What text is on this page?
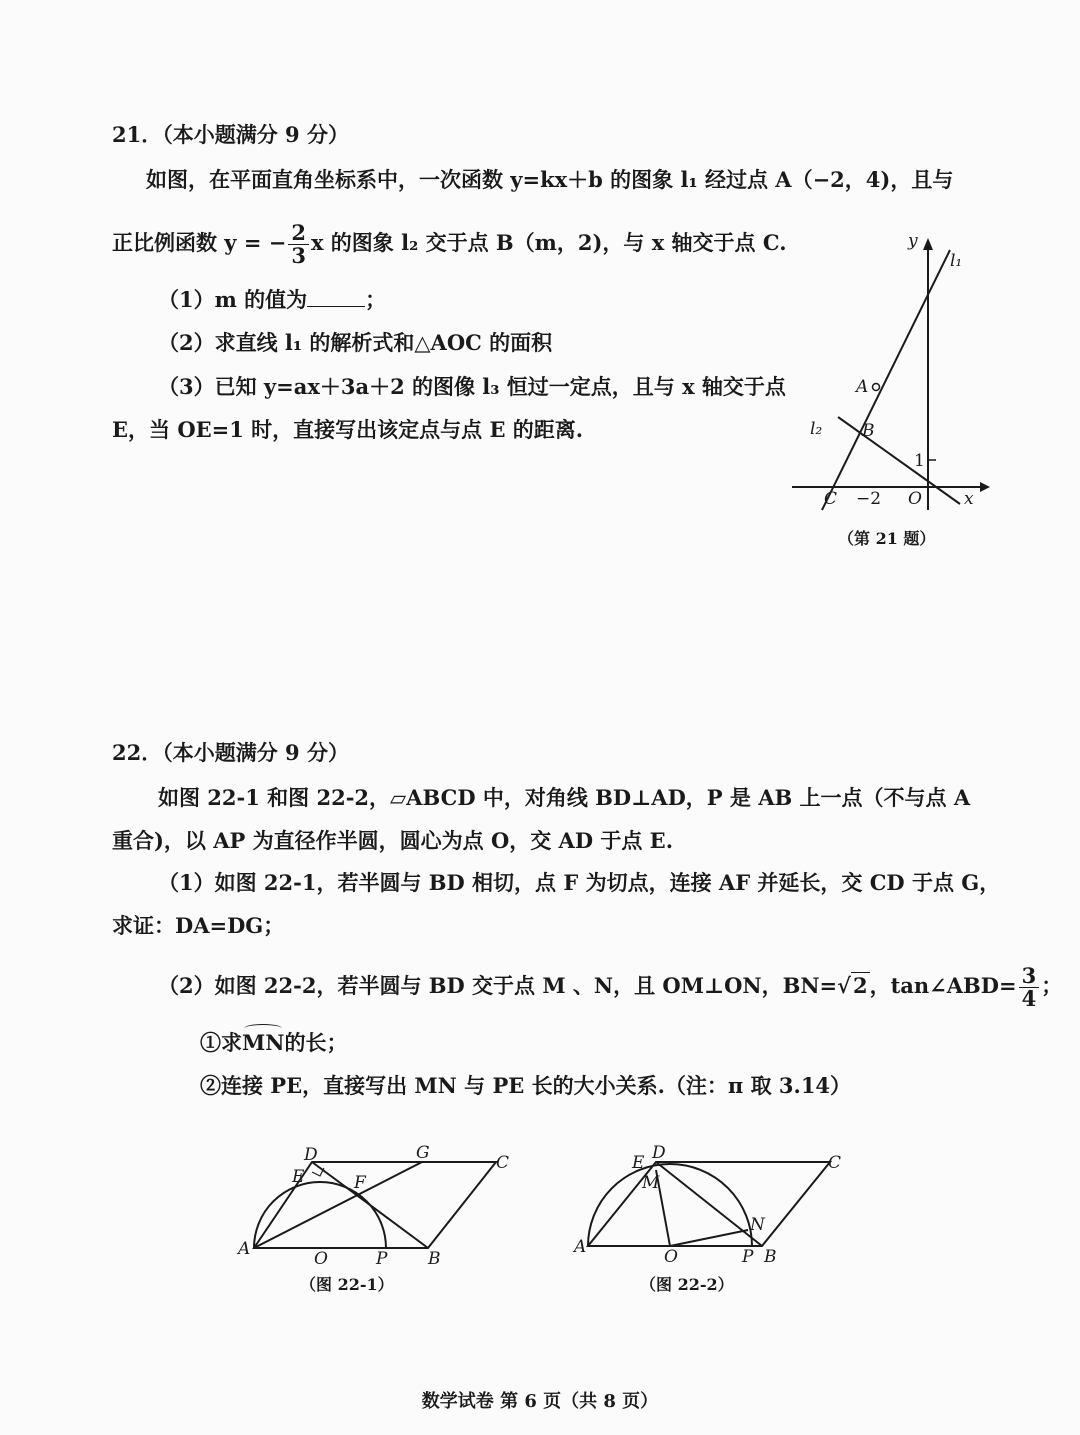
21．（本小题满分 9 分）
如图，在平面直角坐标系中，一次函数 y=kx＋b 的图象 l₁ 经过点 A（−2，4)，且与
正比例函数 y = − $\frac{2}{3}$ x 的图象 l₂ 交于点 B（m，2)，与 x 轴交于点 C.
（1）m 的值为	；
（2）求直线 l₁ 的解析式和△AOC 的面积
（3）已知 y=ax＋3a＋2 的图像 l₃ 恒过一定点，且与 x 轴交于点
E，当 OE=1 时，直接写出该定点与点 E 的距离.
y
l₁
l₂
A
B
C −2 O x
1
（第 21 题）
22．（本小题满分 9 分）
如图 22-1 和图 22-2，▱ABCD 中，对角线 BD⊥AD，P 是 AB 上一点（不与点 A
重合)，以 AP 为直径作半圆，圆心为点 O，交 AD 于点 E.
（1）如图 22-1，若半圆与 BD 相切，点 F 为切点，连接 AF 并延长，交 CD 于点 G，
求证：DA=DG；
（2）如图 22-2，若半圆与 BD 交于点 M 、N，且 OM⊥ON，BN=√2，tan∠ABD= $\frac{3}{4}$ ；
①求MN的长；
②连接 PE，直接写出 MN 与 PE 长的大小关系.（注：π 取 3.14）
A	O	P B
C
D
E	F
G
（图 22-1）
A	O	P B
C
D
E
M
N
（图 22-2）
数学试卷 第 6 页（共 8 页）
